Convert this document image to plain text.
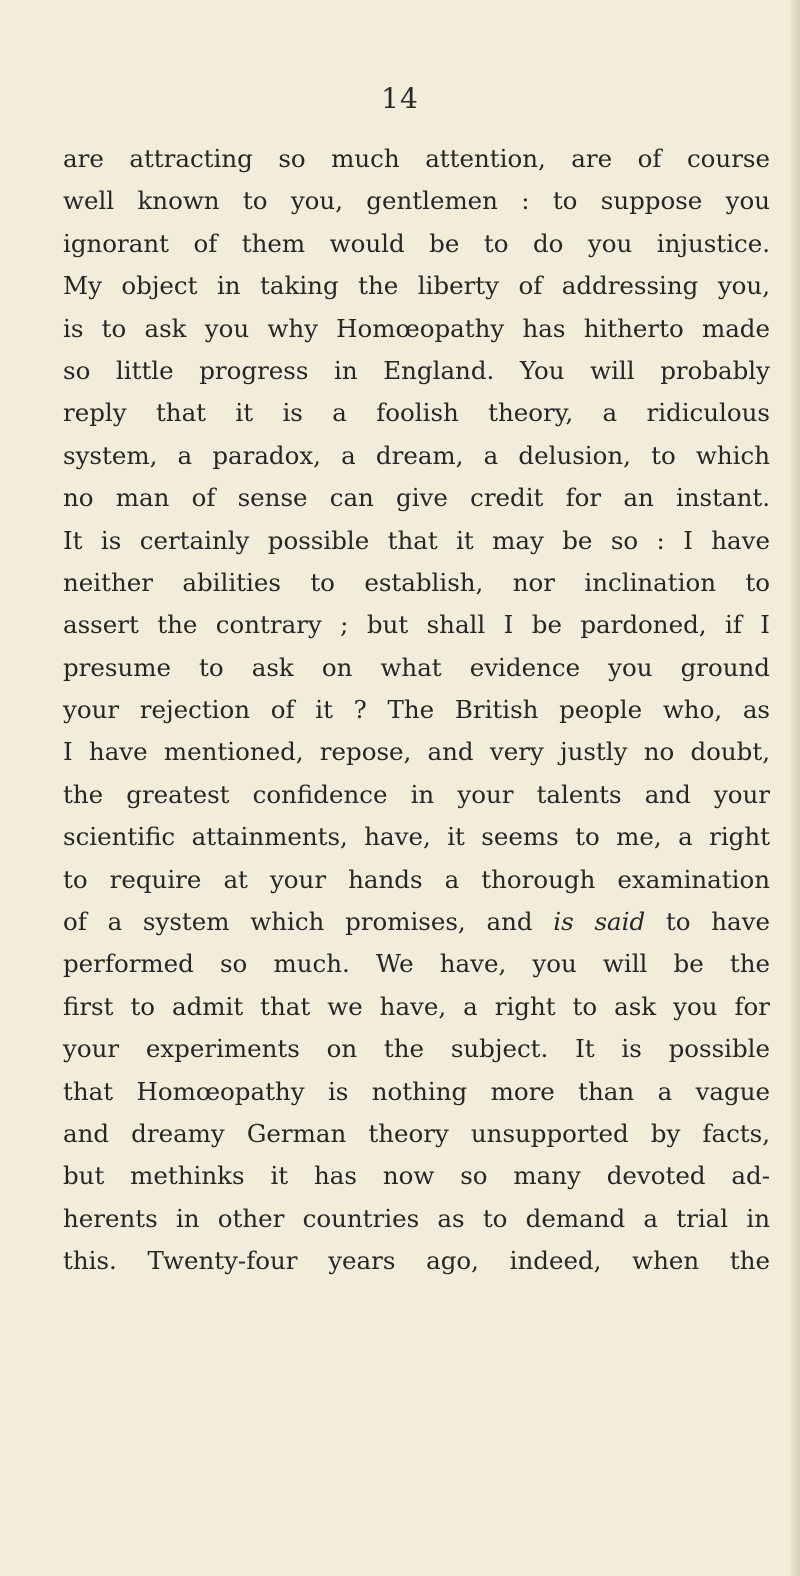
14
are attracting so much attention, are of course
well known to you, gentlemen : to suppose you
ignorant of them would be to do you injustice.
My object in taking the liberty of addressing you,
is to ask you why Homœopathy has hitherto made
so little progress in England. You will probably
reply that it is a foolish theory, a ridiculous
system, a paradox, a dream, a delusion, to which
no man of sense can give credit for an instant.
It is certainly possible that it may be so : I have
neither abilities to establish, nor inclination to
assert the contrary ; but shall I be pardoned, if I
presume to ask on what evidence you ground
your rejection of it ? The British people who, as
I have mentioned, repose, and very justly no doubt,
the greatest confidence in your talents and your
scientific attainments, have, it seems to me, a right
to require at your hands a thorough examination
of a system which promises, and is said to have
performed so much. We have, you will be the
first to admit that we have, a right to ask you for
your experiments on the subject. It is possible
that Homœopathy is nothing more than a vague
and dreamy German theory unsupported by facts,
but methinks it has now so many devoted ad-
herents in other countries as to demand a trial in
this. Twenty-four years ago, indeed, when the
